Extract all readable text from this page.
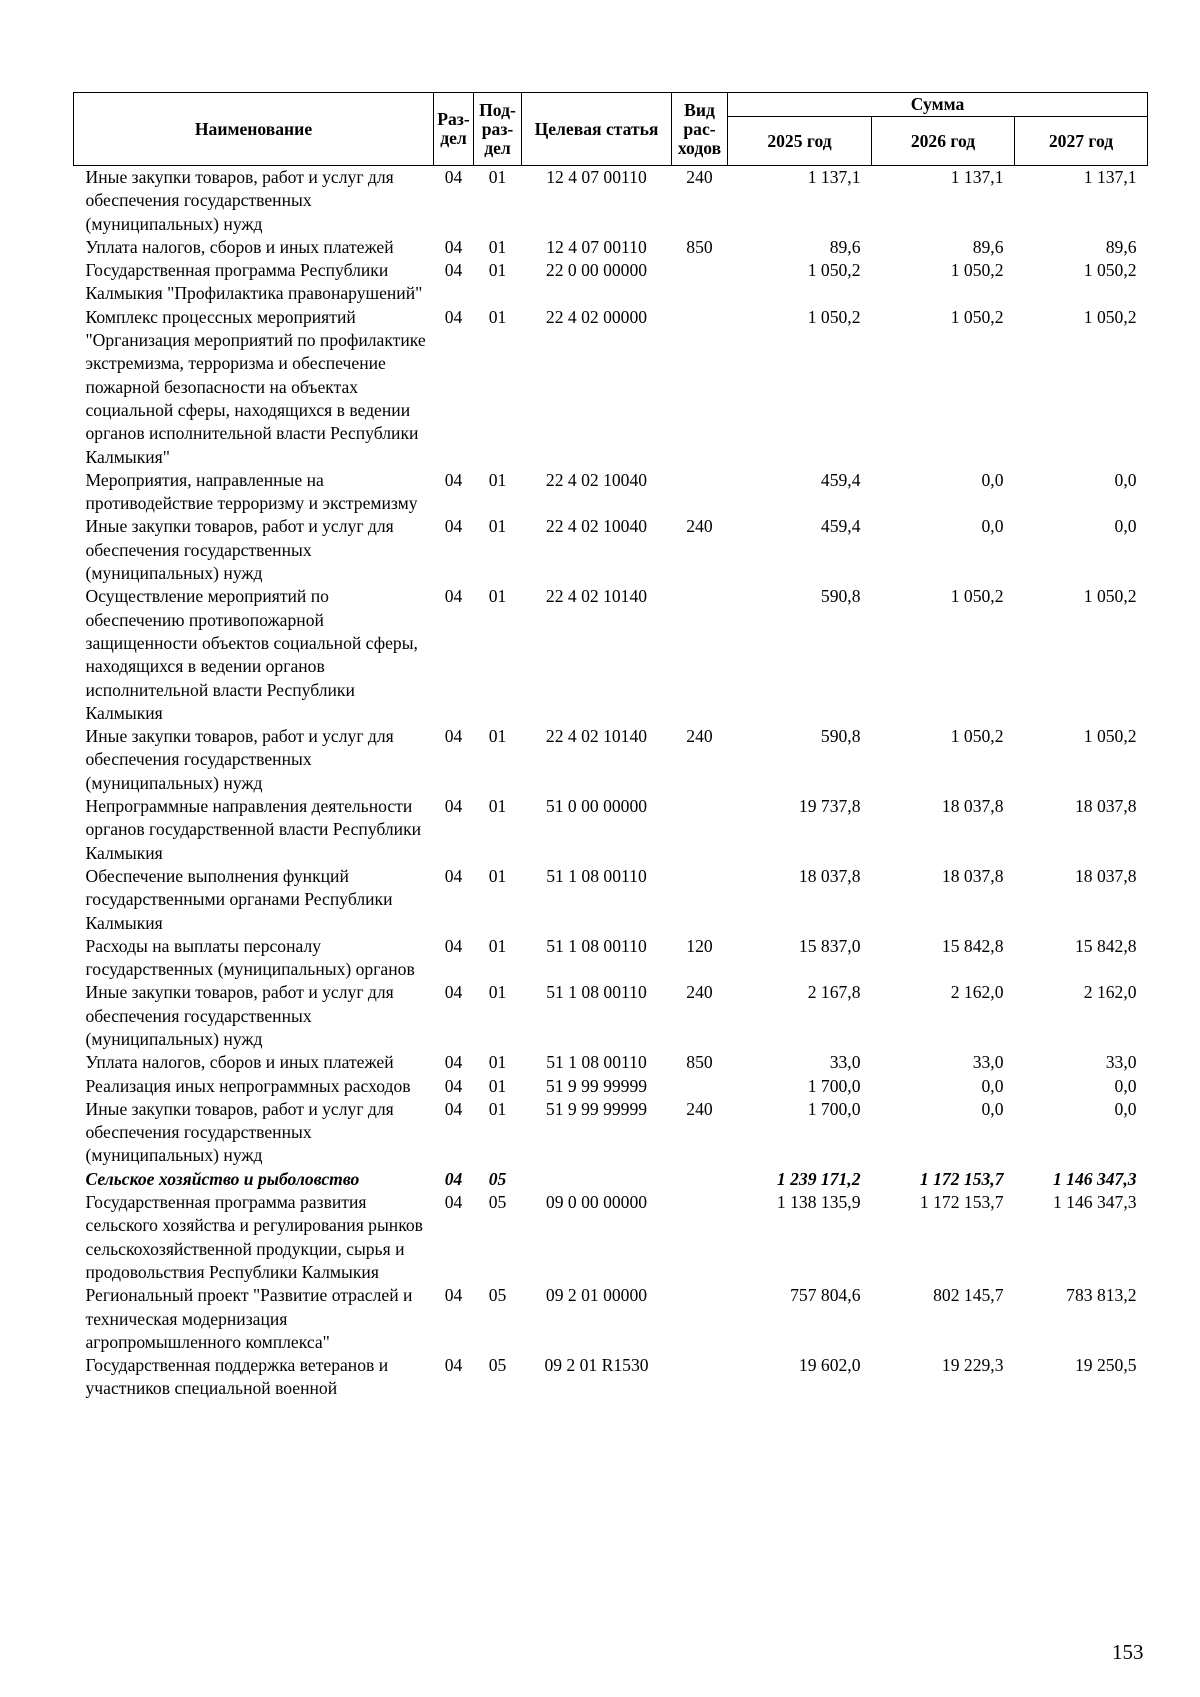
Наименование	Раз-дел	Под-раз-дел	Целевая статья	Вид рас-ходов	Сумма		
					2025 год	2026 год	2027 год
Иные закупки товаров, работ и услуг для обеспечения государственных (муниципальных) нужд	04	01	12 4 07 00110	240	1 137,1	1 137,1	1 137,1
Уплата налогов, сборов и иных платежей	04	01	12 4 07 00110	850	89,6	89,6	89,6
Государственная программа Республики Калмыкия "Профилактика правонарушений"	04	01	22 0 00 00000		1 050,2	1 050,2	1 050,2
Комплекс процессных мероприятий "Организация мероприятий по профилактике экстремизма, терроризма и обеспечение пожарной безопасности на объектах социальной сферы, находящихся в ведении органов исполнительной власти Республики Калмыкия"	04	01	22 4 02 00000		1 050,2	1 050,2	1 050,2
Мероприятия, направленные на противодействие терроризму и экстремизму	04	01	22 4 02 10040		459,4	0,0	0,0
Иные закупки товаров, работ и услуг для обеспечения государственных (муниципальных) нужд	04	01	22 4 02 10040	240	459,4	0,0	0,0
Осуществление мероприятий по обеспечению противопожарной защищенности объектов социальной сферы, находящихся в ведении органов исполнительной власти Республики Калмыкия	04	01	22 4 02 10140		590,8	1 050,2	1 050,2
Иные закупки товаров, работ и услуг для обеспечения государственных (муниципальных) нужд	04	01	22 4 02 10140	240	590,8	1 050,2	1 050,2
Непрограммные направления деятельности органов государственной власти Республики Калмыкия	04	01	51 0 00 00000		19 737,8	18 037,8	18 037,8
Обеспечение выполнения функций государственными органами Республики Калмыкия	04	01	51 1 08 00110		18 037,8	18 037,8	18 037,8
Расходы на выплаты персоналу государственных (муниципальных) органов	04	01	51 1 08 00110	120	15 837,0	15 842,8	15 842,8
Иные закупки товаров, работ и услуг для обеспечения государственных (муниципальных) нужд	04	01	51 1 08 00110	240	2 167,8	2 162,0	2 162,0
Уплата налогов, сборов и иных платежей	04	01	51 1 08 00110	850	33,0	33,0	33,0
Реализация иных непрограммных расходов	04	01	51 9 99 99999		1 700,0	0,0	0,0
Иные закупки товаров, работ и услуг для обеспечения государственных (муниципальных) нужд	04	01	51 9 99 99999	240	1 700,0	0,0	0,0
Сельское хозяйство и рыболовство	04	05			1 239 171,2	1 172 153,7	1 146 347,3
Государственная программа развития сельского хозяйства и регулирования рынков сельскохозяйственной продукции, сырья и продовольствия Республики Калмыкия	04	05	09 0 00 00000		1 138 135,9	1 172 153,7	1 146 347,3
Региональный проект "Развитие отраслей и техническая модернизация агропромышленного комплекса"	04	05	09 2 01 00000		757 804,6	802 145,7	783 813,2
Государственная поддержка ветеранов и участников специальной военной	04	05	09 2 01 R1530		19 602,0	19 229,3	19 250,5
153
